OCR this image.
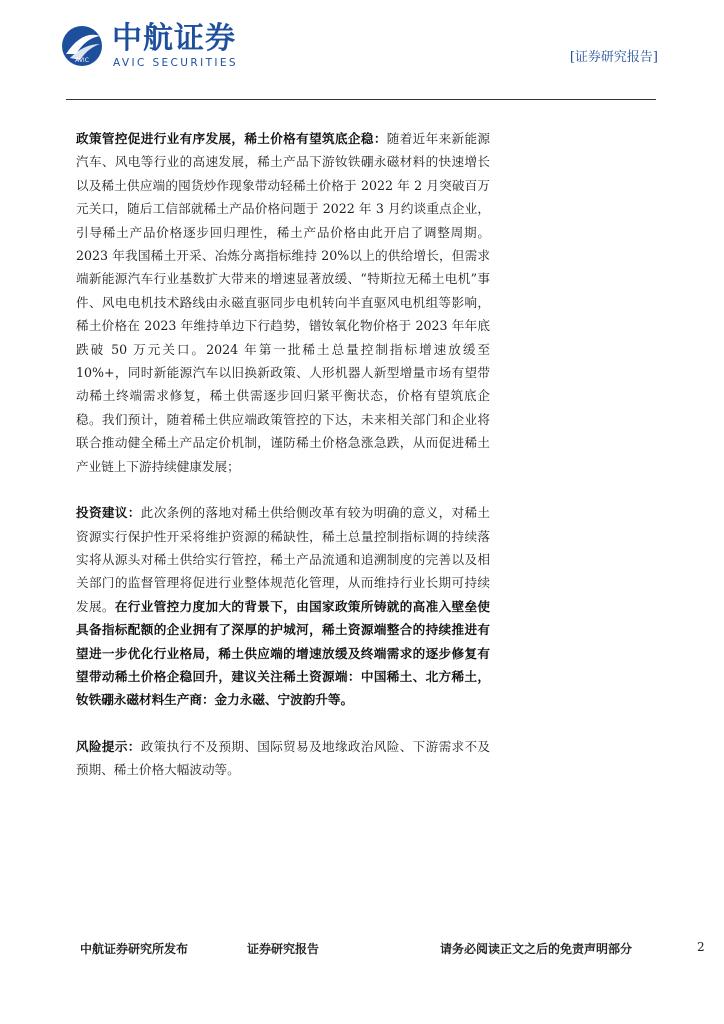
AVIC
中航证券
AVIC SECURITIES	[证券研究报告]

政策管控促进行业有序发展，稀土价格有望筑底企稳：随着近年来新能源汽车、风电等行业的高速发展，稀土产品下游钕铁硼永磁材料的快速增长以及稀土供应端的囤货炒作现象带动轻稀土价格于 2022 年 2 月突破百万元关口，随后工信部就稀土产品价格问题于 2022 年 3 月约谈重点企业，引导稀土产品价格逐步回归理性，稀土产品价格由此开启了调整周期。2023 年我国稀土开采、冶炼分离指标维持 20%以上的供给增长，但需求端新能源汽车行业基数扩大带来的增速显著放缓、“特斯拉无稀土电机”事件、风电电机技术路线由永磁直驱同步电机转向半直驱风电机组等影响，稀土价格在 2023 年维持单边下行趋势，镨钕氧化物价格于 2023 年年底跌破 50 万元关口。2024 年第一批稀土总量控制指标增速放缓至 10%+，同时新能源汽车以旧换新政策、人形机器人新型增量市场有望带动稀土终端需求修复，稀土供需逐步回归紧平衡状态，价格有望筑底企稳。我们预计，随着稀土供应端政策管控的下达，未来相关部门和企业将联合推动健全稀土产品定价机制，谨防稀土价格急涨急跌，从而促进稀土产业链上下游持续健康发展；

投资建议：此次条例的落地对稀土供给侧改革有较为明确的意义，对稀土资源实行保护性开采将维护资源的稀缺性，稀土总量控制指标调的持续落实将从源头对稀土供给实行管控，稀土产品流通和追溯制度的完善以及相关部门的监督管理将促进行业整体规范化管理，从而维持行业长期可持续发展。在行业管控力度加大的背景下，由国家政策所铸就的高准入壁垒使具备指标配额的企业拥有了深厚的护城河，稀土资源端整合的持续推进有望进一步优化行业格局，稀土供应端的增速放缓及终端需求的逐步修复有望带动稀土价格企稳回升，建议关注稀土资源端：中国稀土、北方稀土，钕铁硼永磁材料生产商：金力永磁、宁波韵升等。

风险提示：政策执行不及预期、国际贸易及地缘政治风险、下游需求不及预期、稀土价格大幅波动等。

中航证券研究所发布	证券研究报告	请务必阅读正文之后的免责声明部分	2
